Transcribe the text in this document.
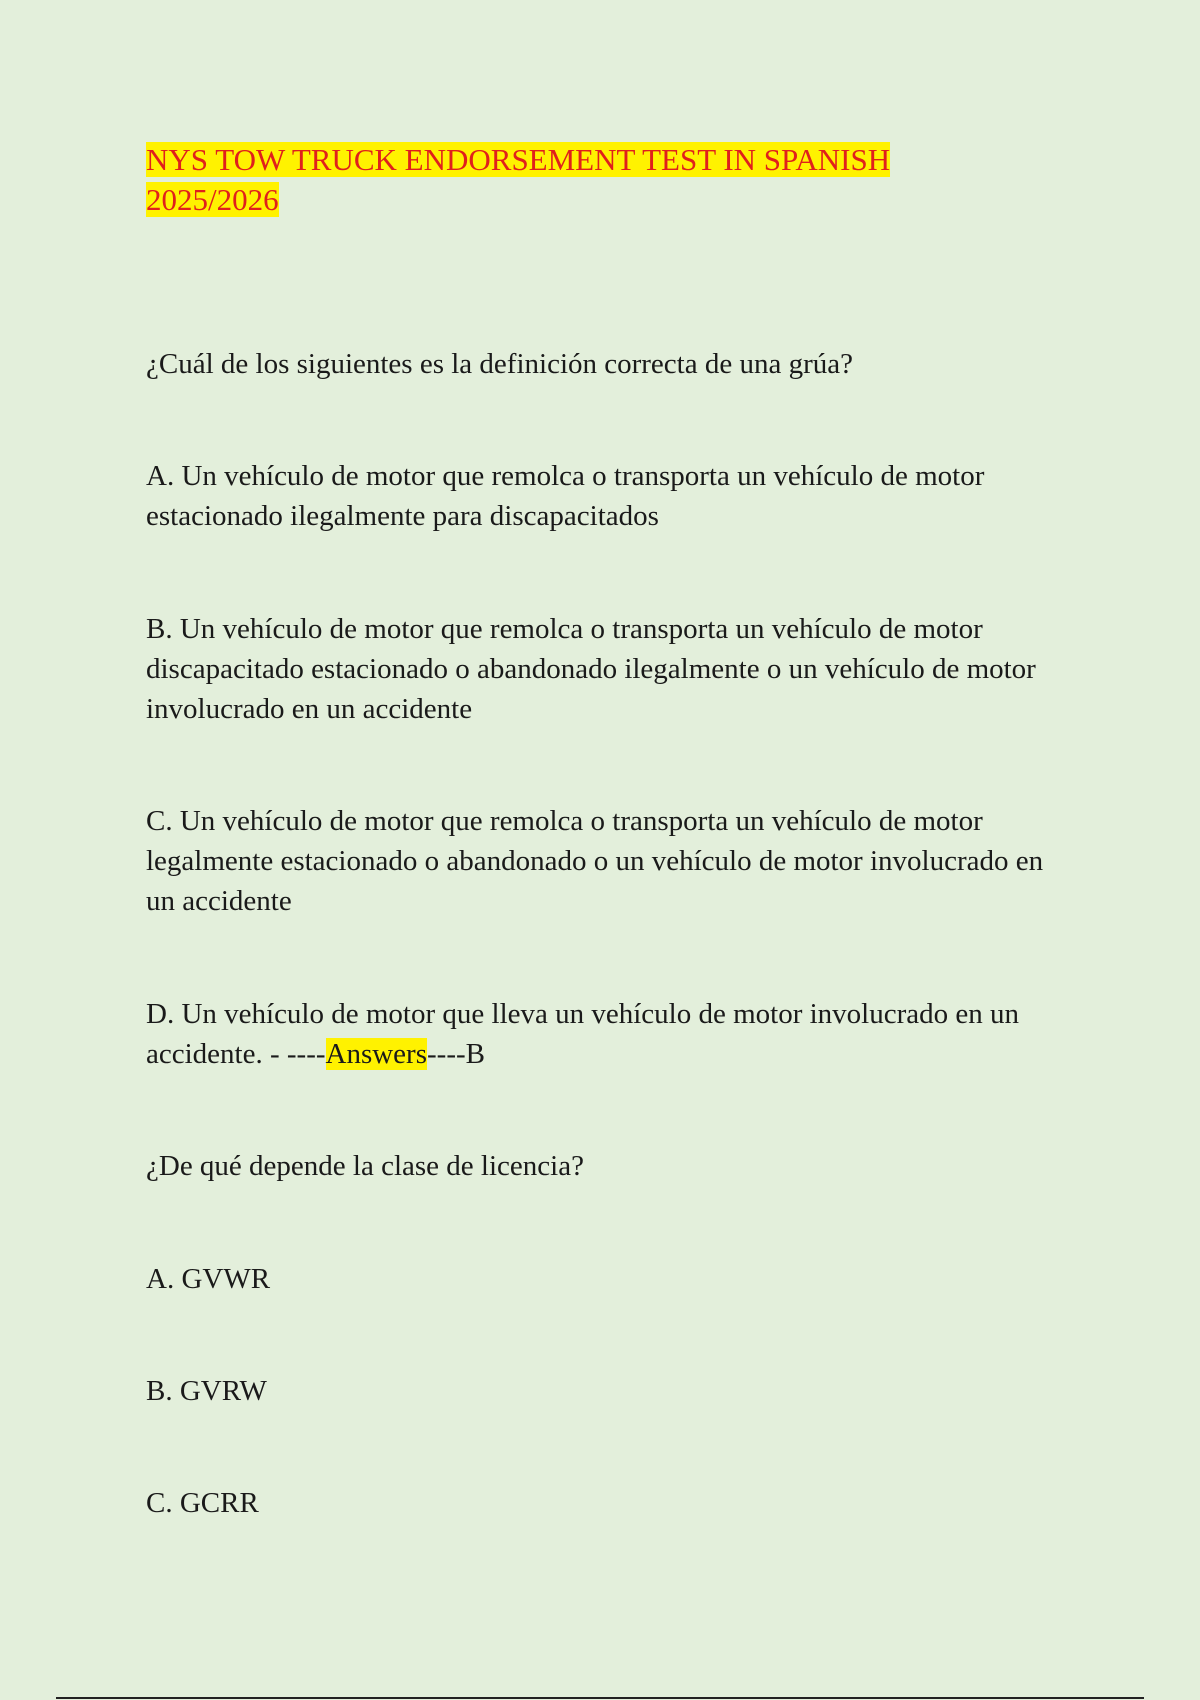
NYS TOW TRUCK ENDORSEMENT TEST IN SPANISH
2025/2026

¿Cuál de los siguientes es la definición correcta de una grúa?

A. Un vehículo de motor que remolca o transporta un vehículo de motor estacionado ilegalmente para discapacitados

B. Un vehículo de motor que remolca o transporta un vehículo de motor discapacitado estacionado o abandonado ilegalmente o un vehículo de motor involucrado en un accidente

C. Un vehículo de motor que remolca o transporta un vehículo de motor legalmente estacionado o abandonado o un vehículo de motor involucrado en un accidente

D. Un vehículo de motor que lleva un vehículo de motor involucrado en un accidente. - ----Answers----B

¿De qué depende la clase de licencia?

A. GVWR

B. GVRW

C. GCRR
